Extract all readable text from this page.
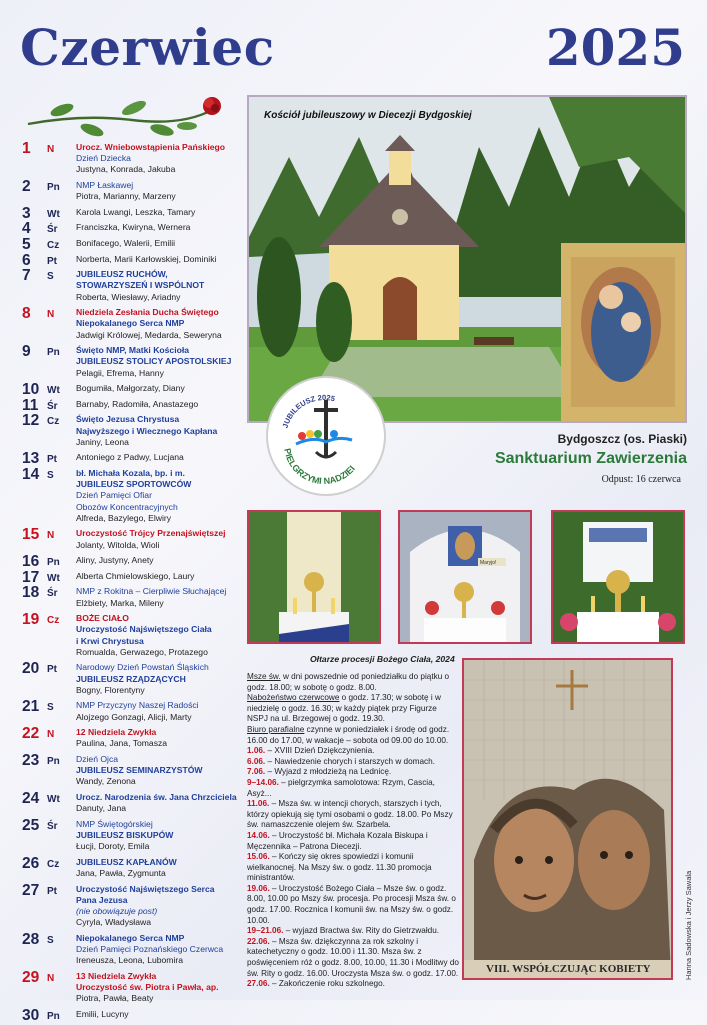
Czerwiec	2025
1	N	Urocz. Wniebowstąpienia Pańskiego
Dzień Dziecka
Justyna, Konrada, Jakuba
2	Pn	NMP Łaskawej
Piotra, Marianny, Marzeny
3	Wt	Karola Lwangi, Leszka, Tamary
4	Śr	Franciszka, Kwiryna, Wernera
5	Cz	Bonifacego, Walerii, Emilii
6	Pt	Norberta, Marii Karłowskiej, Dominiki
7	S	JUBILEUSZ RUCHÓW,
STOWARZYSZEŃ I WSPÓLNOT
Roberta, Wiesławy, Ariadny
8	N	Niedziela Zesłania Ducha Świętego
Niepokalanego Serca NMP
Jadwigi Królowej, Medarda, Seweryna
9	Pn	Święto NMP, Matki Kościoła
JUBILEUSZ STOLICY APOSTOLSKIEJ
Pelagii, Efrema, Hanny
10 Wt	Bogumiła, Małgorzaty, Diany
11 Śr	Barnaby, Radomiła, Anastazego
12 Cz	Święto Jezusa Chrystusa
Najwyższego i Wiecznego Kapłana
Janiny, Leona
13 Pt	Antoniego z Padwy, Lucjana
14 S	bł. Michała Kozala, bp. i m.
JUBILEUSZ SPORTOWCÓW
Dzień Pamięci Ofiar
Obozów Koncentracyjnych
Alfreda, Bazylego, Elwiry
15 N	Uroczystość Trójcy Przenajświętszej
Jolanty, Witolda, Wioli
16 Pn	Aliny, Justyny, Anety
17 Wt	Alberta Chmielowskiego, Laury
18 Śr	NMP z Rokitna – Cierpliwie Słuchającej
Elżbiety, Marka, Mileny
19 Cz	BOŻE CIAŁO
Uroczystość Najświętszego Ciała
i Krwi Chrystusa
Romualda, Gerwazego, Protazego
20 Pt	Narodowy Dzień Powstań Śląskich
JUBILEUSZ RZĄDZĄCYCH
Bogny, Florentyny
21 S	NMP Przyczyny Naszej Radości
Alojzego Gonzagi, Alicji, Marty
22 N	12 Niedziela Zwykła
Paulina, Jana, Tomasza
23 Pn	Dzień Ojca
JUBILEUSZ SEMINARZYSTÓW
Wandy, Zenona
24 Wt	Urocz. Narodzenia św. Jana Chrzciciela
Danuty, Jana
25 Śr	NMP Świętogórskiej
JUBILEUSZ BISKUPÓW
Łucji, Doroty, Emila
26 Cz	JUBILEUSZ KAPŁANÓW
Jana, Pawła, Zygmunta
27 Pt	Uroczystość Najświętszego Serca
Pana Jezusa
(nie obowiązuje post)
Cyryla, Władysława
28 S	Niepokalanego Serca NMP
Dzień Pamięci Poznańskiego Czerwca
Ireneusza, Leona, Lubomira
29 N	13 Niedziela Zwykła
Uroczystość św. Piotra i Pawła, ap.
Piotra, Pawła, Beaty
30 Pn	Emilii, Lucyny
Kościół jubileuszowy w Diecezji Bydgoskiej
JUBILEUSZ 2025
PIELGRZYMI NADZIEI
Bydgoszcz (os. Piaski)
Sanktuarium Zawierzenia
Odpust: 16 czerwca
Maryjo!
Ołtarze procesji Bożego Ciała, 2024

Msze św. w dni powszednie od poniedziałku do piątku o godz. 18.00; w sobotę o godz. 8.00.

Nabożeństwo czerwcowe o godz. 17.30; w sobotę i w niedzielę o godz. 16.30; w każdy piątek przy Figurze NSPJ na ul. Brzegowej o godz. 19.30.

Biuro parafialne czynne w poniedziałek i środę od godz. 16.00 do 17.00, w wakacje – sobota od 09.00 do 10.00.

1.06. – XVIII Dzień Dziękczynienia.

6.06. – Nawiedzenie chorych i starszych w domach.

7.06. – Wyjazd z młodzieżą na Lednicę.

9–14.06. – pielgrzymka samolotowa: Rzym, Cascia, Asyż...

11.06. – Msza św. w intencji chorych, starszych i tych, którzy opiekują się tymi osobami o godz. 18.00. Po Mszy św. namaszczenie olejem św. Szarbela.

14.06. – Uroczystość bł. Michała Kozala Biskupa i Męczennika – Patrona Diecezji.

15.06. – Kończy się okres spowiedzi i komunii wielkanocnej. Na Mszy św. o godz. 11.30 promocja ministrantów.

19.06. – Uroczystość Bożego Ciała – Msze św. o godz. 8.00, 10.00 po Mszy św. procesja. Po procesji Msza św. o godz. 17.00. Rocznica I komunii św. na Mszy św. o godz. 10.00.

19–21.06. – wyjazd Bractwa św. Rity do Gietrzwałdu.

22.06. – Msza św. dziękczynna za rok szkolny i katechetyczny o godz. 10.00 i 11.30. Msza św. z poświęceniem róż o godz. 8.00, 10.00, 11.30 i Modlitwy do św. Rity o godz. 16.00. Uroczysta Msza św. o godz. 17.00.

27.06. – Zakończenie roku szkolnego.

VIII. WSPÓŁCZUJĄC KOBIETY	Hanna Sadowska i Jerzy Sawala
